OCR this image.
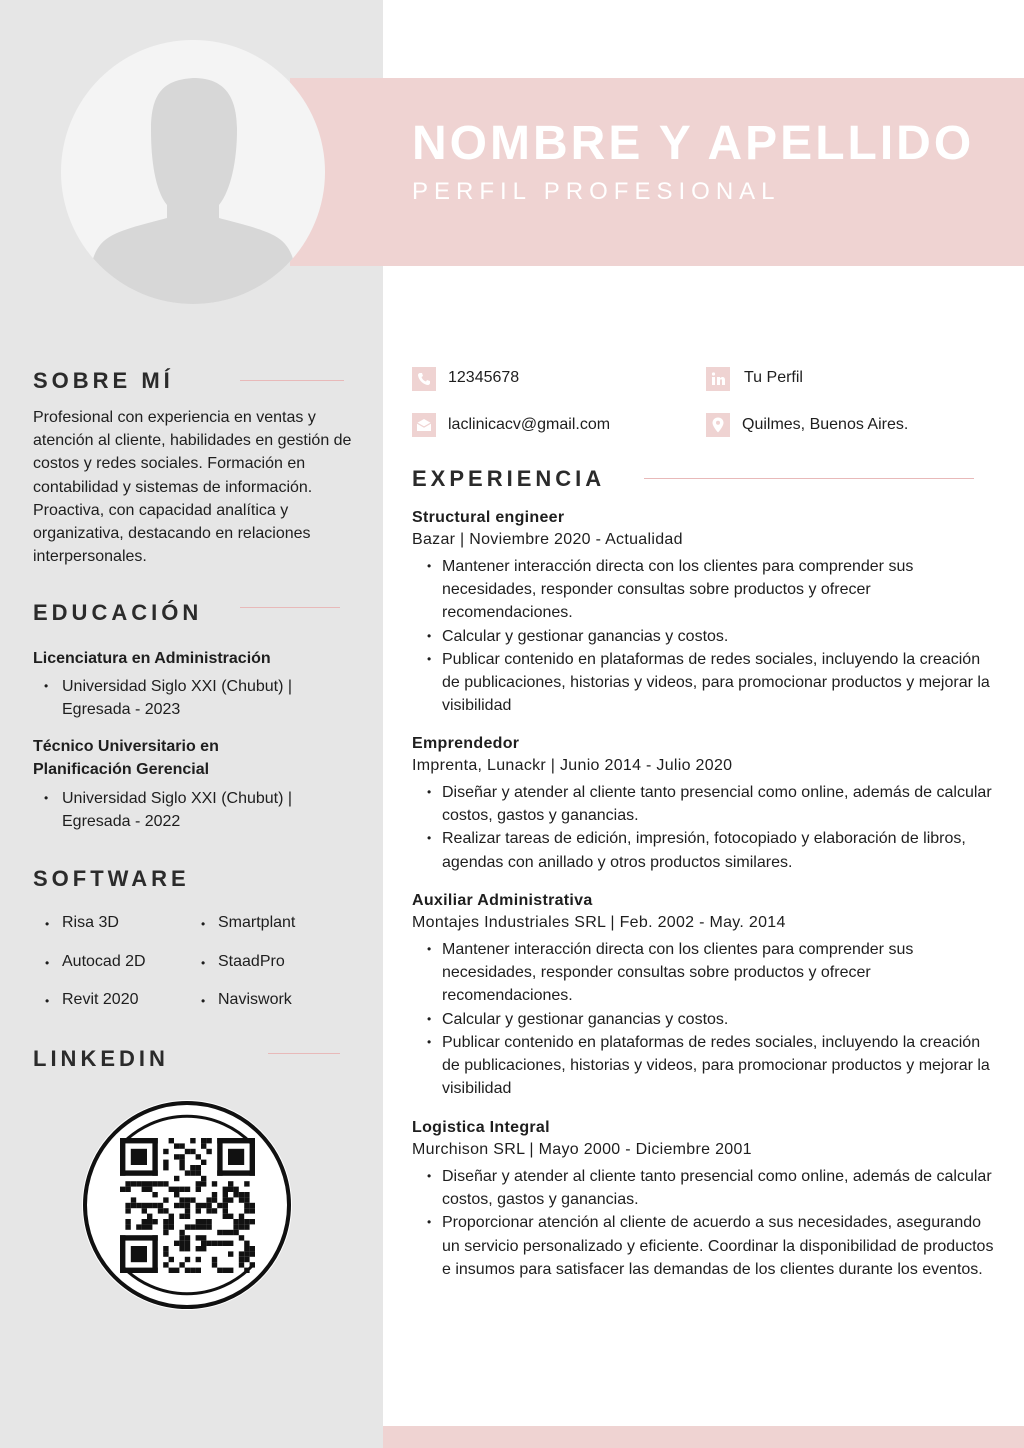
NOMBRE Y APELLIDO
PERFIL PROFESIONAL
SOBRE MÍ
Profesional con experiencia en ventas y atención al cliente, habilidades en gestión de costos y redes sociales. Formación en contabilidad y sistemas de información. Proactiva, con capacidad analítica y organizativa, destacando en relaciones interpersonales.
EDUCACIÓN
Licenciatura en Administración
• Universidad Siglo XXI (Chubut) |
Egresada - 2023
Técnico Universitario en
Planificación Gerencial
• Universidad Siglo XXI (Chubut) |
Egresada - 2022
SOFTWARE
• Risa 3D
• Autocad 2D
• Revit 2020
• Smartplant
• StaadPro
• Naviswork
LINKEDIN
12345678
laclinicacv@gmail.com
Tu Perfil
Quilmes, Buenos Aires.
EXPERIENCIA
Structural engineer
Bazar | Noviembre 2020 - Actualidad
• Mantener interacción directa con los clientes para comprender sus necesidades, responder consultas sobre productos y ofrecer recomendaciones.
• Calcular y gestionar ganancias y costos.
• Publicar contenido en plataformas de redes sociales, incluyendo la creación de publicaciones, historias y videos, para promocionar productos y mejorar la visibilidad
Emprendedor
Imprenta, Lunackr | Junio 2014 - Julio 2020
• Diseñar y atender al cliente tanto presencial como online, además de calcular costos, gastos y ganancias.
• Realizar tareas de edición, impresión, fotocopiado y elaboración de libros, agendas con anillado y otros productos similares.
Auxiliar Administrativa
Montajes Industriales SRL | Feb. 2002 - May. 2014
• Mantener interacción directa con los clientes para comprender sus necesidades, responder consultas sobre productos y ofrecer recomendaciones.
• Calcular y gestionar ganancias y costos.
• Publicar contenido en plataformas de redes sociales, incluyendo la creación de publicaciones, historias y videos, para promocionar productos y mejorar la visibilidad
Logistica Integral
Murchison SRL | Mayo 2000 - Diciembre 2001
• Diseñar y atender al cliente tanto presencial como online, además de calcular costos, gastos y ganancias.
• Proporcionar atención al cliente de acuerdo a sus necesidades, asegurando un servicio personalizado y eficiente. Coordinar la disponibilidad de productos e insumos para satisfacer las demandas de los clientes durante los eventos.
